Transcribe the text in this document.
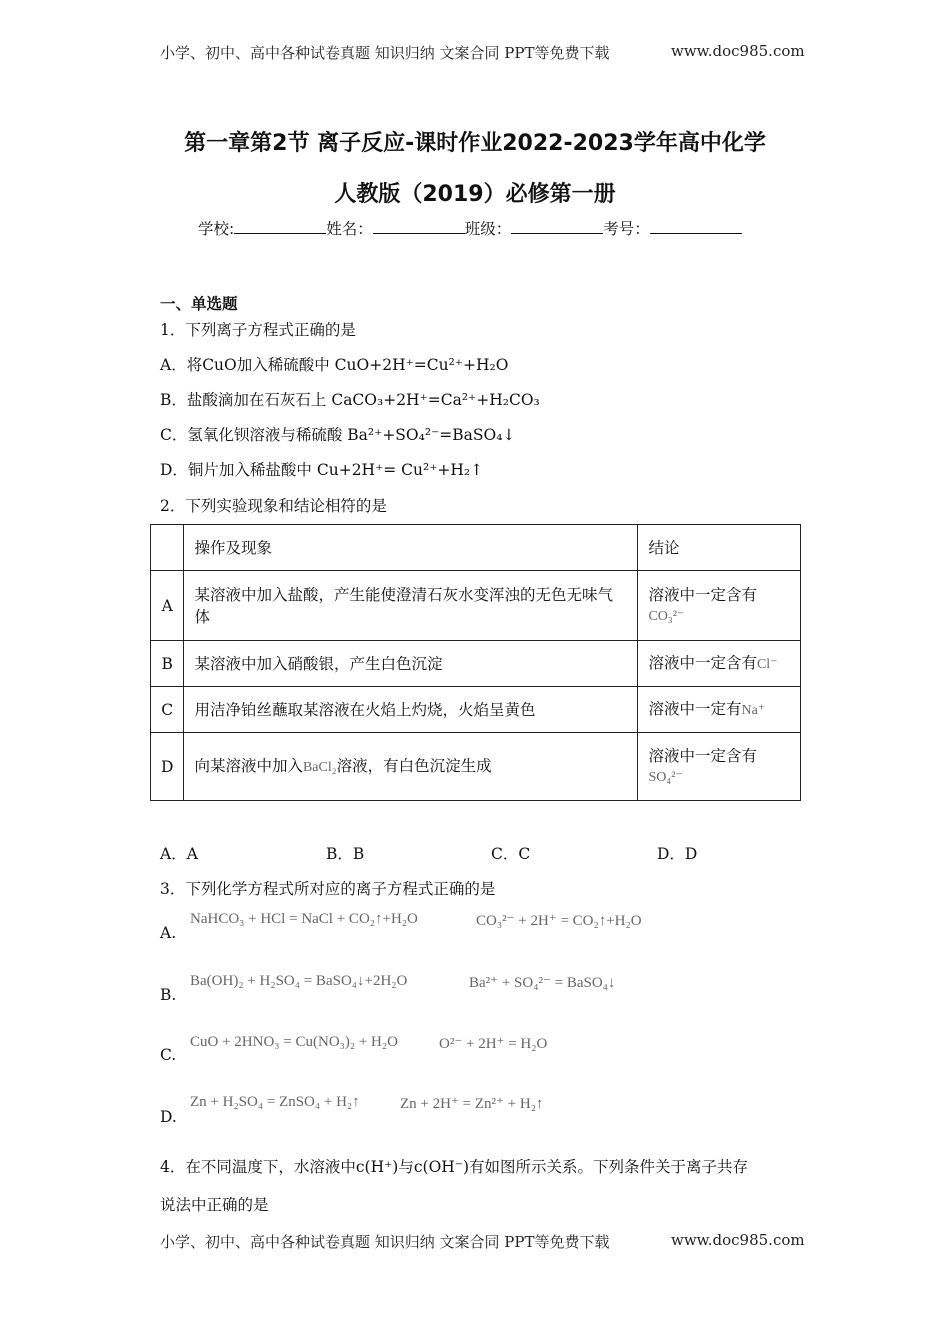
小学、初中、高中各种试卷真题 知识归纳 文案合同 PPT等免费下载	www.doc985.com
第一章第2节 离子反应-课时作业2022-2023学年高中化学
人教版（2019）必修第一册
学校:	姓名：	班级：	考号：
一、单选题
1．下列离子方程式正确的是
A．将CuO加入稀硫酸中 CuO+2H⁺=Cu²⁺+H₂O
B．盐酸滴加在石灰石上 CaCO₃+2H⁺=Ca²⁺+H₂CO₃
C．氢氧化钡溶液与稀硫酸 Ba²⁺+SO₄²⁻=BaSO₄↓
D．铜片加入稀盐酸中 Cu+2H⁺= Cu²⁺+H₂↑
2．下列实验现象和结论相符的是
	操作及现象	结论
A	某溶液中加入盐酸，产生能使澄清石灰水变浑浊的无色无味气体	溶液中一定含有
CO₃²⁻

B	某溶液中加入硝酸银，产生白色沉淀	溶液中一定含有Cl⁻
C	用洁净铂丝蘸取某溶液在火焰上灼烧，火焰呈黄色	溶液中一定有Na⁺
D	向某溶液中加入BaCl₂溶液，有白色沉淀生成	溶液中一定含有
SO₄²⁻
A．A	B．B	C．C	D．D
3．下列化学方程式所对应的离子方程式正确的是
A.
NaHCO₃ + HCl = NaCl + CO₂↑+H₂O	CO₃²⁻ + 2H⁺ = CO₂↑+H₂O
B.
Ba(OH)₂ + H₂SO₄ = BaSO₄↓+2H₂O	Ba²⁺ + SO₄²⁻ = BaSO₄↓
C.
CuO + 2HNO₃ = Cu(NO₃)₂ + H₂O	O²⁻ + 2H⁺ = H₂O
D.
Zn + H₂SO₄ = ZnSO₄ + H₂↑	Zn + 2H⁺ = Zn²⁺ + H₂↑
4．在不同温度下，水溶液中c(H⁺)与c(OH⁻)有如图所示关系。下列条件关于离子共存
说法中正确的是
小学、初中、高中各种试卷真题 知识归纳 文案合同 PPT等免费下载	www.doc985.com
